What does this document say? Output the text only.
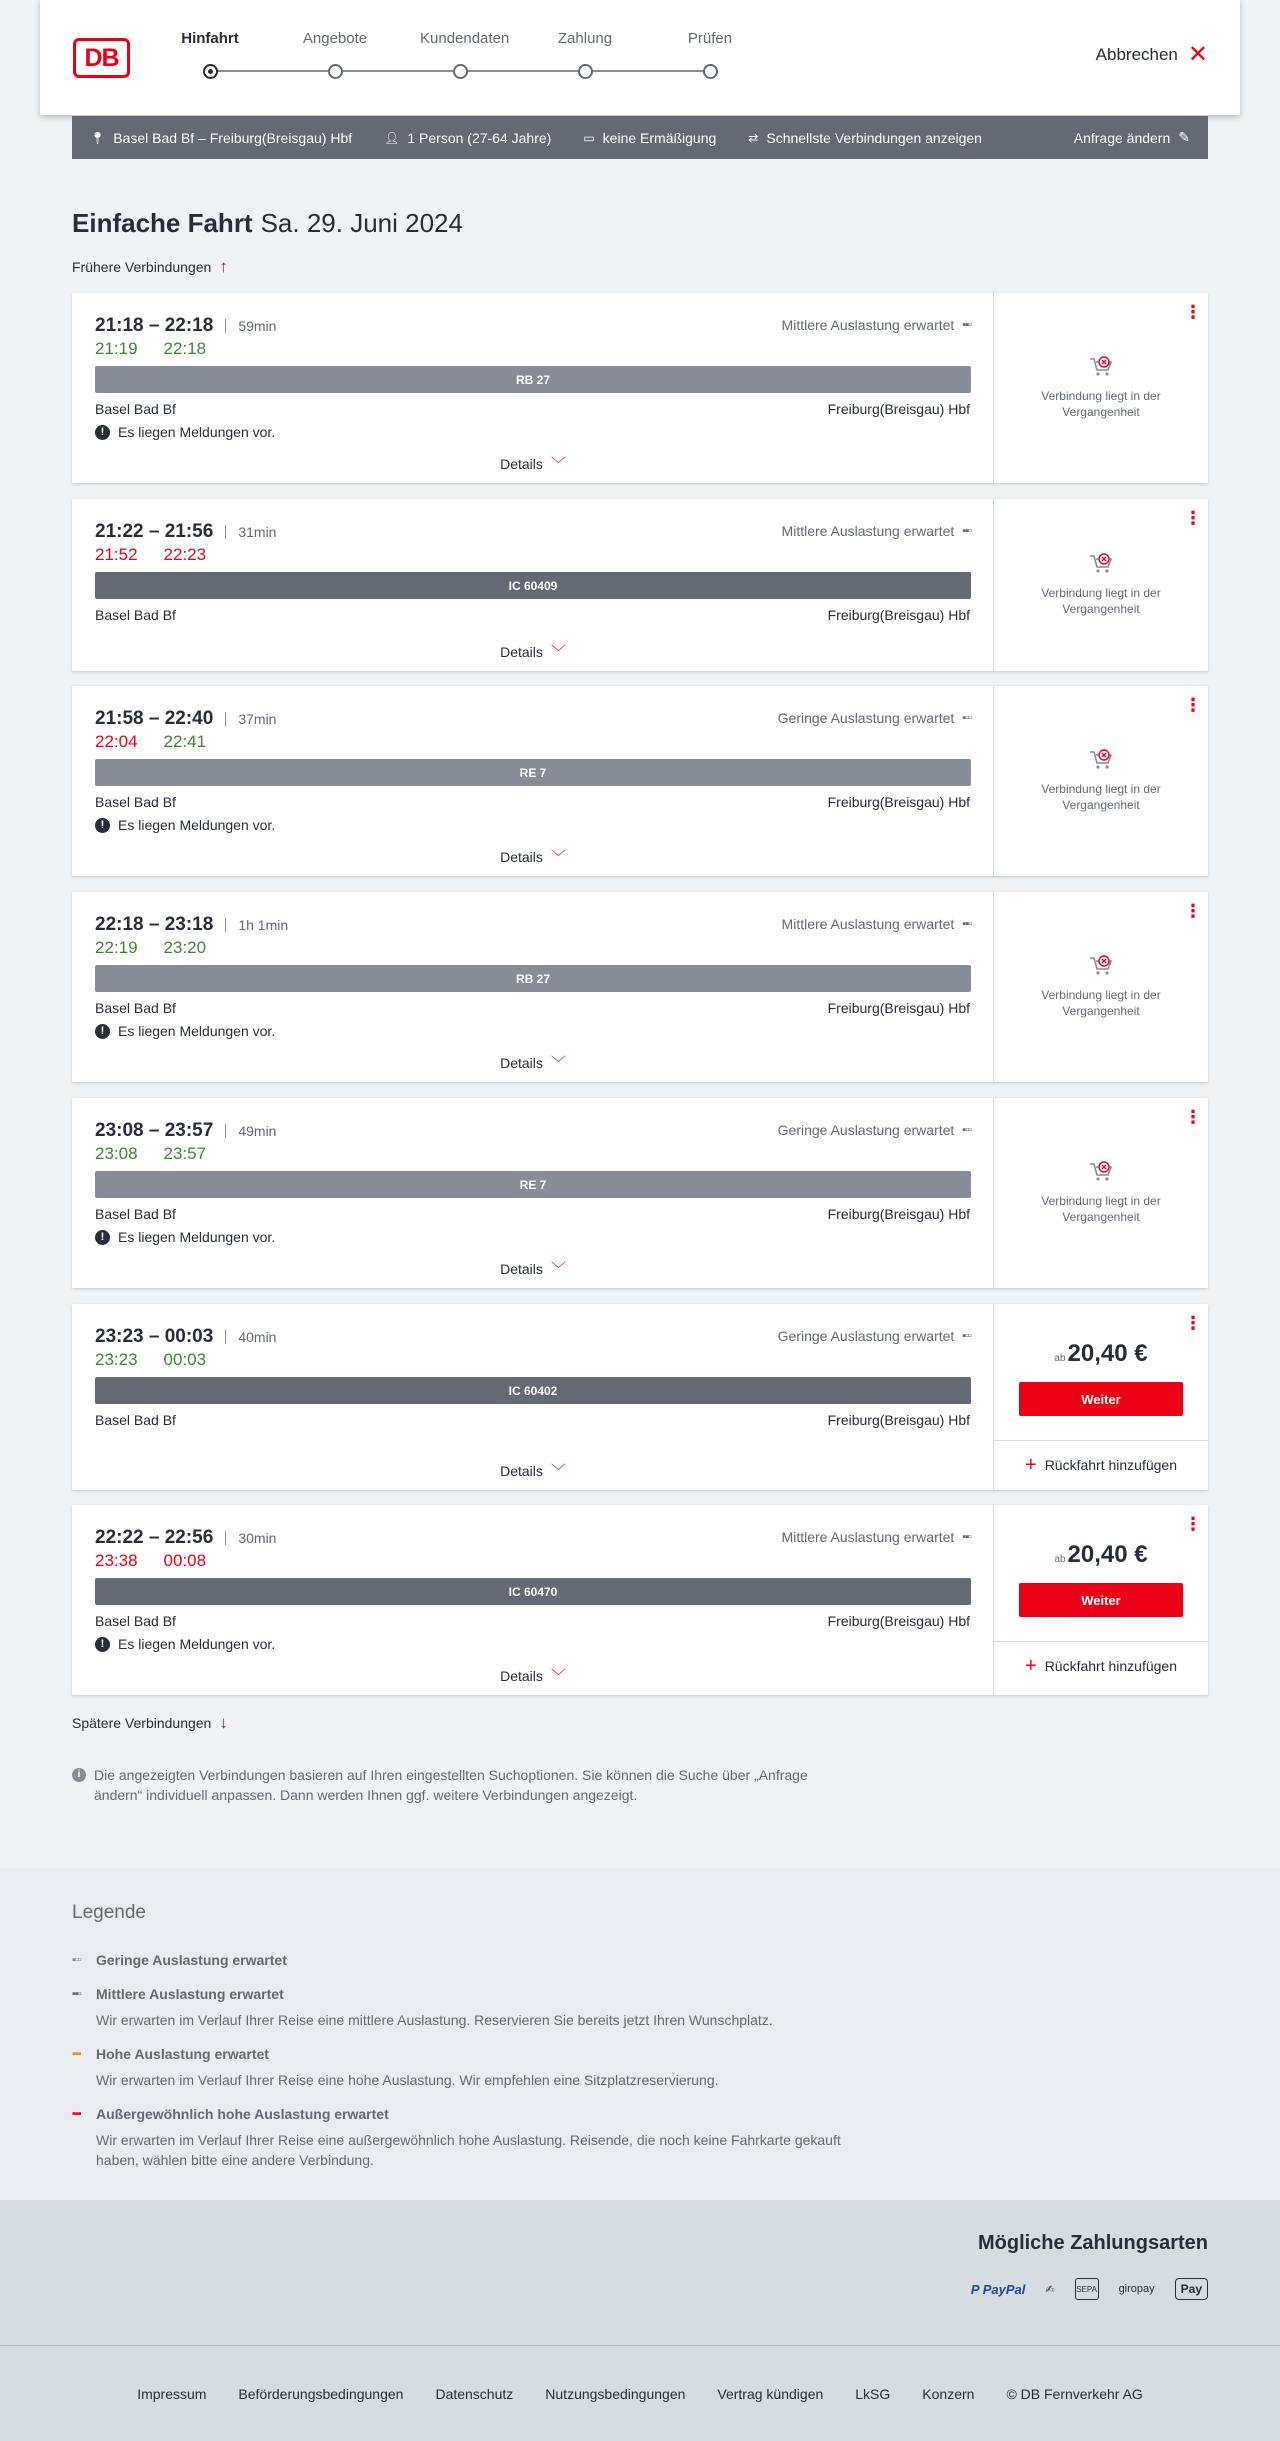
DB
Hinfahrt	Angebote	Kundendaten	Zahlung	Prüfen
Abbrechen ✕
📍︎ Basel Bad Bf – Freiburg(Breisgau) Hbf	👤︎ 1 Person (27-64 Jahre)	▭ keine Ermäßigung	⇄ Schnellste Verbindungen anzeigen	Anfrage ändern ✎
Einfache Fahrt Sa. 29. Juni 2024
Frühere Verbindungen ↑
21:18 – 22:18	59min
21:19 22:18
Mittlere Auslastung erwartet ▪▪▫
RB 27
Basel Bad Bf	Freiburg(Breisgau) Hbf
! Es liegen Meldungen vor.
Details ﹀
⋮
Verbindung liegt in der Vergangenheit
21:22 – 21:56	31min
21:52 22:23
Mittlere Auslastung erwartet ▪▪▫
IC 60409
Basel Bad Bf	Freiburg(Breisgau) Hbf
Details ﹀
⋮
Verbindung liegt in der Vergangenheit
21:58 – 22:40	37min
22:04 22:41
Geringe Auslastung erwartet ▪▫▫
RE 7
Basel Bad Bf	Freiburg(Breisgau) Hbf
! Es liegen Meldungen vor.
Details ﹀
⋮
Verbindung liegt in der Vergangenheit
22:18 – 23:18	1h 1min
22:19 23:20
Mittlere Auslastung erwartet ▪▪▫
RB 27
Basel Bad Bf	Freiburg(Breisgau) Hbf
! Es liegen Meldungen vor.
Details ﹀
⋮
Verbindung liegt in der Vergangenheit
23:08 – 23:57	49min
23:08 23:57
Geringe Auslastung erwartet ▪▫▫
RE 7
Basel Bad Bf	Freiburg(Breisgau) Hbf
! Es liegen Meldungen vor.
Details ﹀
⋮
Verbindung liegt in der Vergangenheit
23:23 – 00:03	40min
23:23 00:03
Geringe Auslastung erwartet ▪▫▫
IC 60402
Basel Bad Bf	Freiburg(Breisgau) Hbf
Details ﹀
⋮
ab20,40 €
Weiter
+ Rückfahrt hinzufügen
22:22 – 22:56	30min
23:38 00:08
Mittlere Auslastung erwartet ▪▪▫
IC 60470
Basel Bad Bf	Freiburg(Breisgau) Hbf
! Es liegen Meldungen vor.
Details ﹀
⋮
ab20,40 €
Weiter
+ Rückfahrt hinzufügen
Spätere Verbindungen ↓
i Die angezeigten Verbindungen basieren auf Ihren eingestellten Suchoptionen. Sie können die Suche über „Anfrage ändern“ individuell anpassen. Dann werden Ihnen ggf. weitere Verbindungen angezeigt.
Legende
▪▫▫	Geringe Auslastung erwartet
▪▪▫	Mittlere Auslastung erwartet

Wir erwarten im Verlauf Ihrer Reise eine mittlere Auslastung. Reservieren Sie bereits jetzt Ihren Wunschplatz.

▪▪▪	Hohe Auslastung erwartet

Wir erwarten im Verlauf Ihrer Reise eine hohe Auslastung. Wir empfehlen eine Sitzplatzreservierung.

▪▪▪	Außergewöhnlich hohe Auslastung erwartet

Wir erwarten im Verlauf Ihrer Reise eine außergewöhnlich hohe Auslastung. Reisende, die noch keine Fahrkarte gekauft haben, wählen bitte eine andere Verbindung.

Mögliche Zahlungsarten
P PayPal ✍	SEPA giropay	Pay
Impressum Beförderungsbedingungen Datenschutz Nutzungsbedingungen Vertrag kündigen LkSG Konzern © DB Fernverkehr AG
